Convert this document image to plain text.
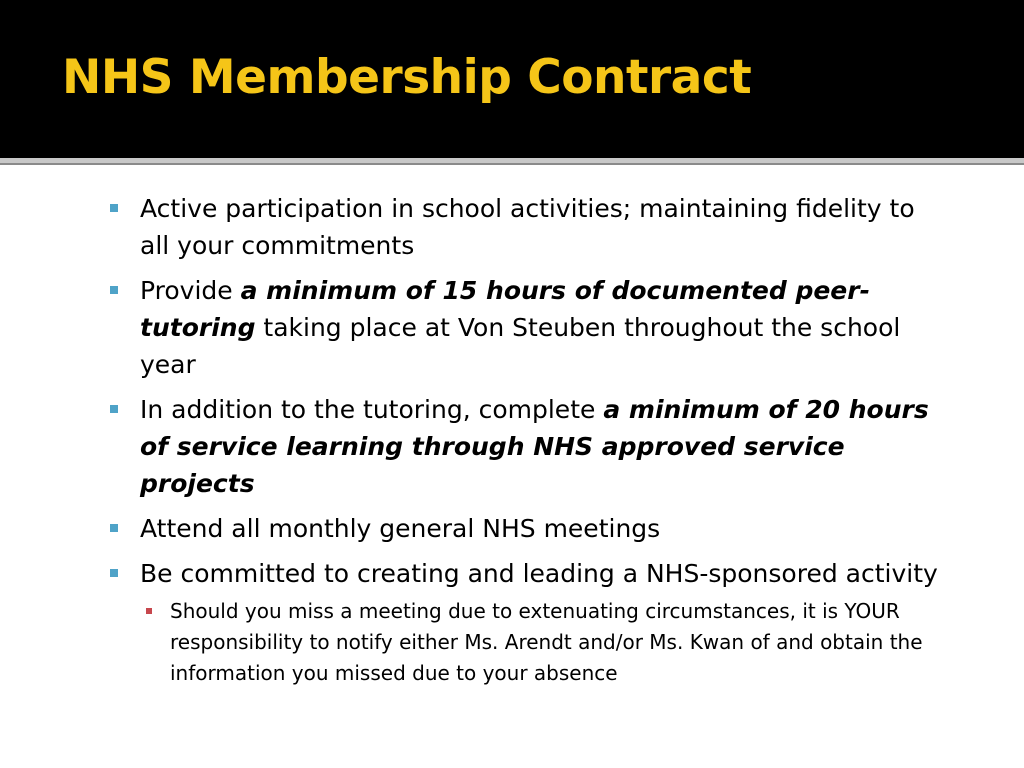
NHS Membership Contract
Active participation in school activities; maintaining fidelity to all your commitments
Provide a minimum of 15 hours of documented peer-tutoring taking place at Von Steuben throughout the school year
In addition to the tutoring, complete a minimum of 20 hours of service learning through NHS approved service projects
Attend all monthly general NHS meetings
Be committed to creating and leading a NHS-sponsored activity
Should you miss a meeting due to extenuating circumstances, it is YOUR responsibility to notify either Ms. Arendt and/or Ms. Kwan of and obtain the information you missed due to your absence
